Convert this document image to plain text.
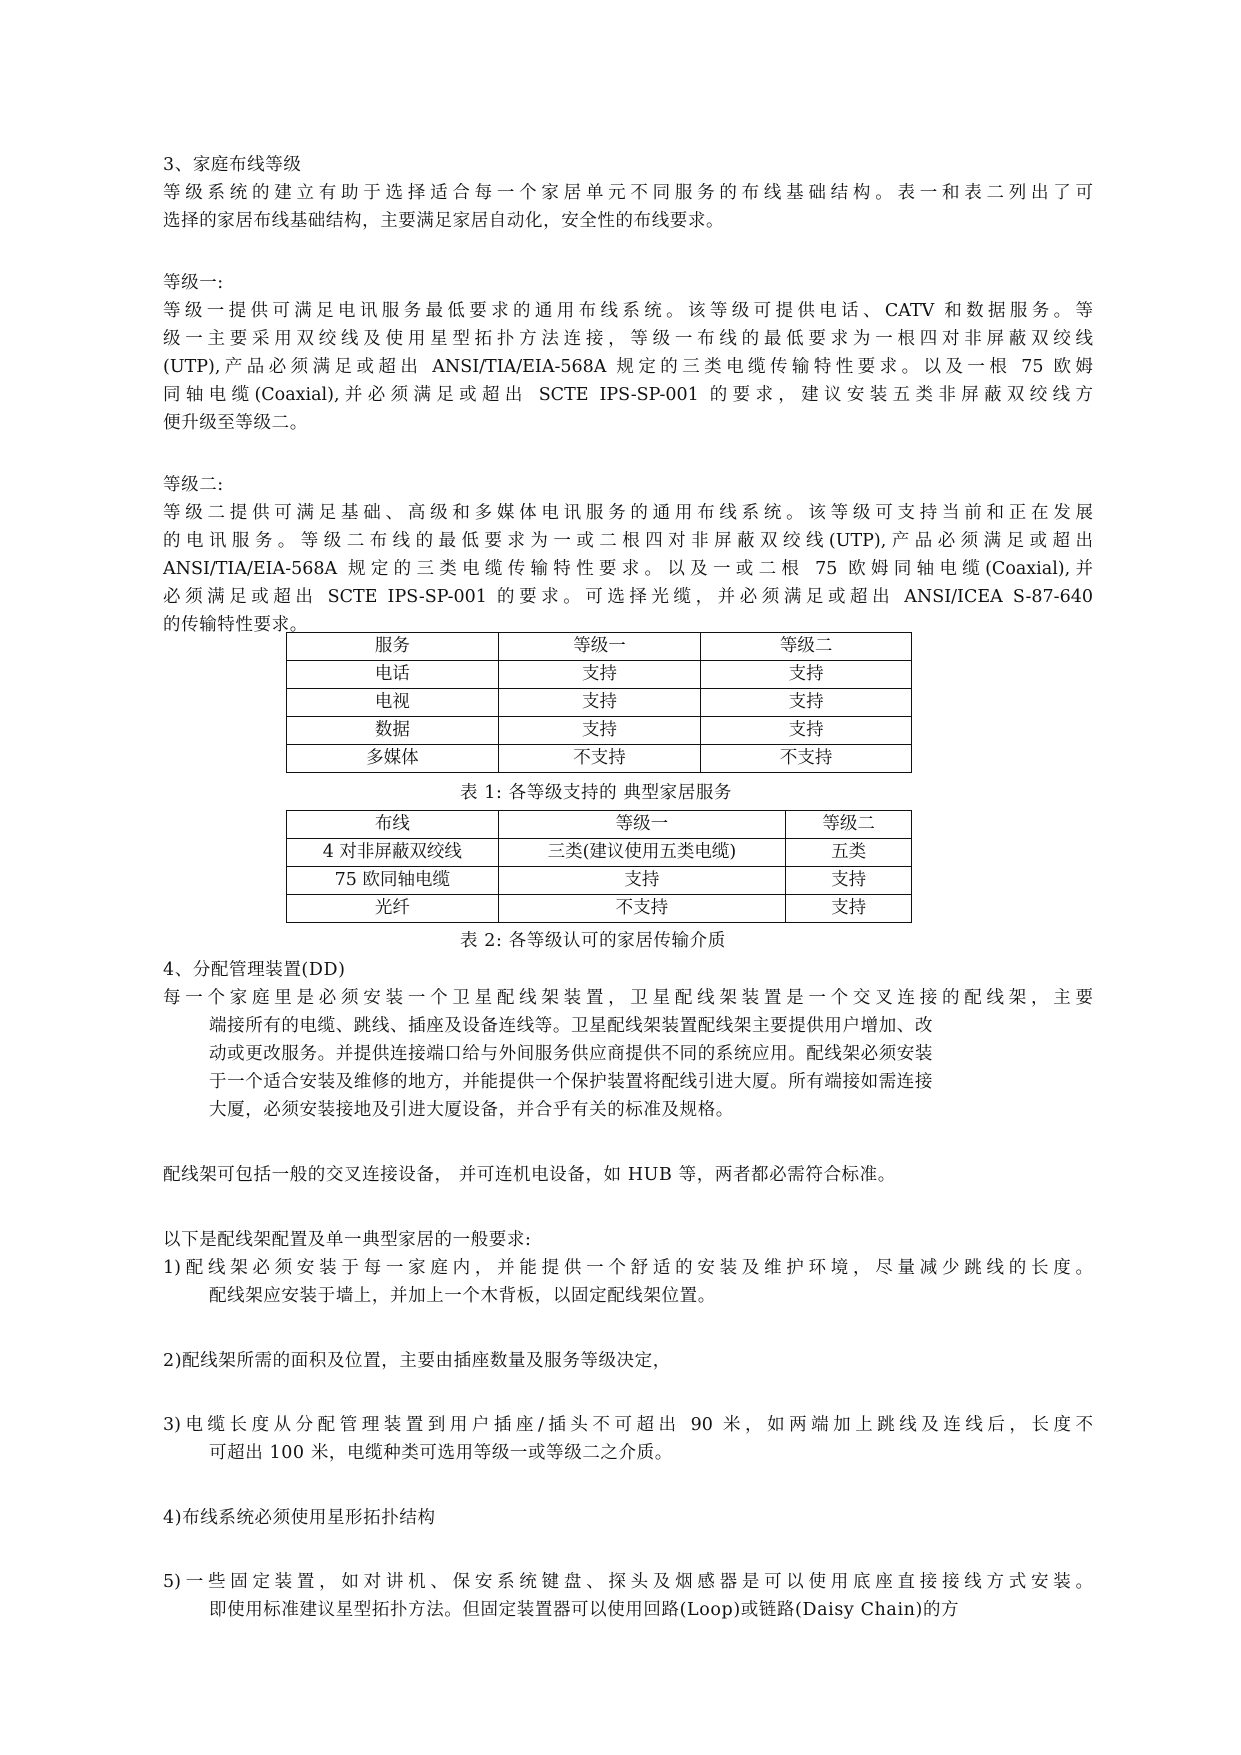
3、家庭布线等级
等级系统的建立有助于选择适合每一个家居单元不同服务的布线基础结构。表一和表二列出了可
选择的家居布线基础结构，主要满足家居自动化，安全性的布线要求。
等级一:
等级一提供可满足电讯服务最低要求的通用布线系统。该等级可提供电话、CATV 和数据服务。等
级一主要采用双绞线及使用星型拓扑方法连接，等级一布线的最低要求为一根四对非屏蔽双绞线
(UTP),产品必须满足或超出 ANSI/TIA/EIA-568A 规定的三类电缆传输特性要求。以及一根 75 欧姆
同轴电缆(Coaxial),并必须满足或超出 SCTE IPS-SP-001 的要求，建议安装五类非屏蔽双绞线方
便升级至等级二。
等级二:
等级二提供可满足基础、高级和多媒体电讯服务的通用布线系统。该等级可支持当前和正在发展
的电讯服务。等级二布线的最低要求为一或二根四对非屏蔽双绞线(UTP),产品必须满足或超出
ANSI/TIA/EIA-568A 规定的三类电缆传输特性要求。以及一或二根 75 欧姆同轴电缆(Coaxial),并
必须满足或超出 SCTE IPS-SP-001 的要求。可选择光缆，并必须满足或超出 ANSI/ICEA S-87-640
的传输特性要求。
服务	等级一	等级二
电话	支持	支持
电视	支持	支持
数据	支持	支持
多媒体	不支持	不支持
表 1: 各等级支持的 典型家居服务
布线	等级一	等级二
4 对非屏蔽双绞线	三类(建议使用五类电缆)	五类
75 欧同轴电缆	支持	支持
光纤	不支持	支持
表 2: 各等级认可的家居传输介质
4、分配管理装置(DD)
每一个家庭里是必须安装一个卫星配线架装置，卫星配线架装置是一个交叉连接的配线架，主要
端接所有的电缆、跳线、插座及设备连线等。卫星配线架装置配线架主要提供用户增加、改
动或更改服务。并提供连接端口给与外间服务供应商提供不同的系统应用。配线架必须安装
于一个适合安装及维修的地方，并能提供一个保护装置将配线引进大厦。所有端接如需连接
大厦，必须安装接地及引进大厦设备，并合乎有关的标准及规格。
配线架可包括一般的交叉连接设备， 并可连机电设备，如 HUB 等，两者都必需符合标准。
以下是配线架配置及单一典型家居的一般要求:
1)配线架必须安装于每一家庭内，并能提供一个舒适的安装及维护环境，尽量减少跳线的长度。
配线架应安装于墙上，并加上一个木背板，以固定配线架位置。
2)配线架所需的面积及位置，主要由插座数量及服务等级决定，
3)电缆长度从分配管理装置到用户插座/插头不可超出 90 米，如两端加上跳线及连线后，长度不
可超出 100 米，电缆种类可选用等级一或等级二之介质。
4)布线系统必须使用星形拓扑结构
5)一些固定装置，如对讲机、保安系统键盘、探头及烟感器是可以使用底座直接接线方式安装。
即使用标准建议星型拓扑方法。但固定装置器可以使用回路(Loop)或链路(Daisy Chain)的方
